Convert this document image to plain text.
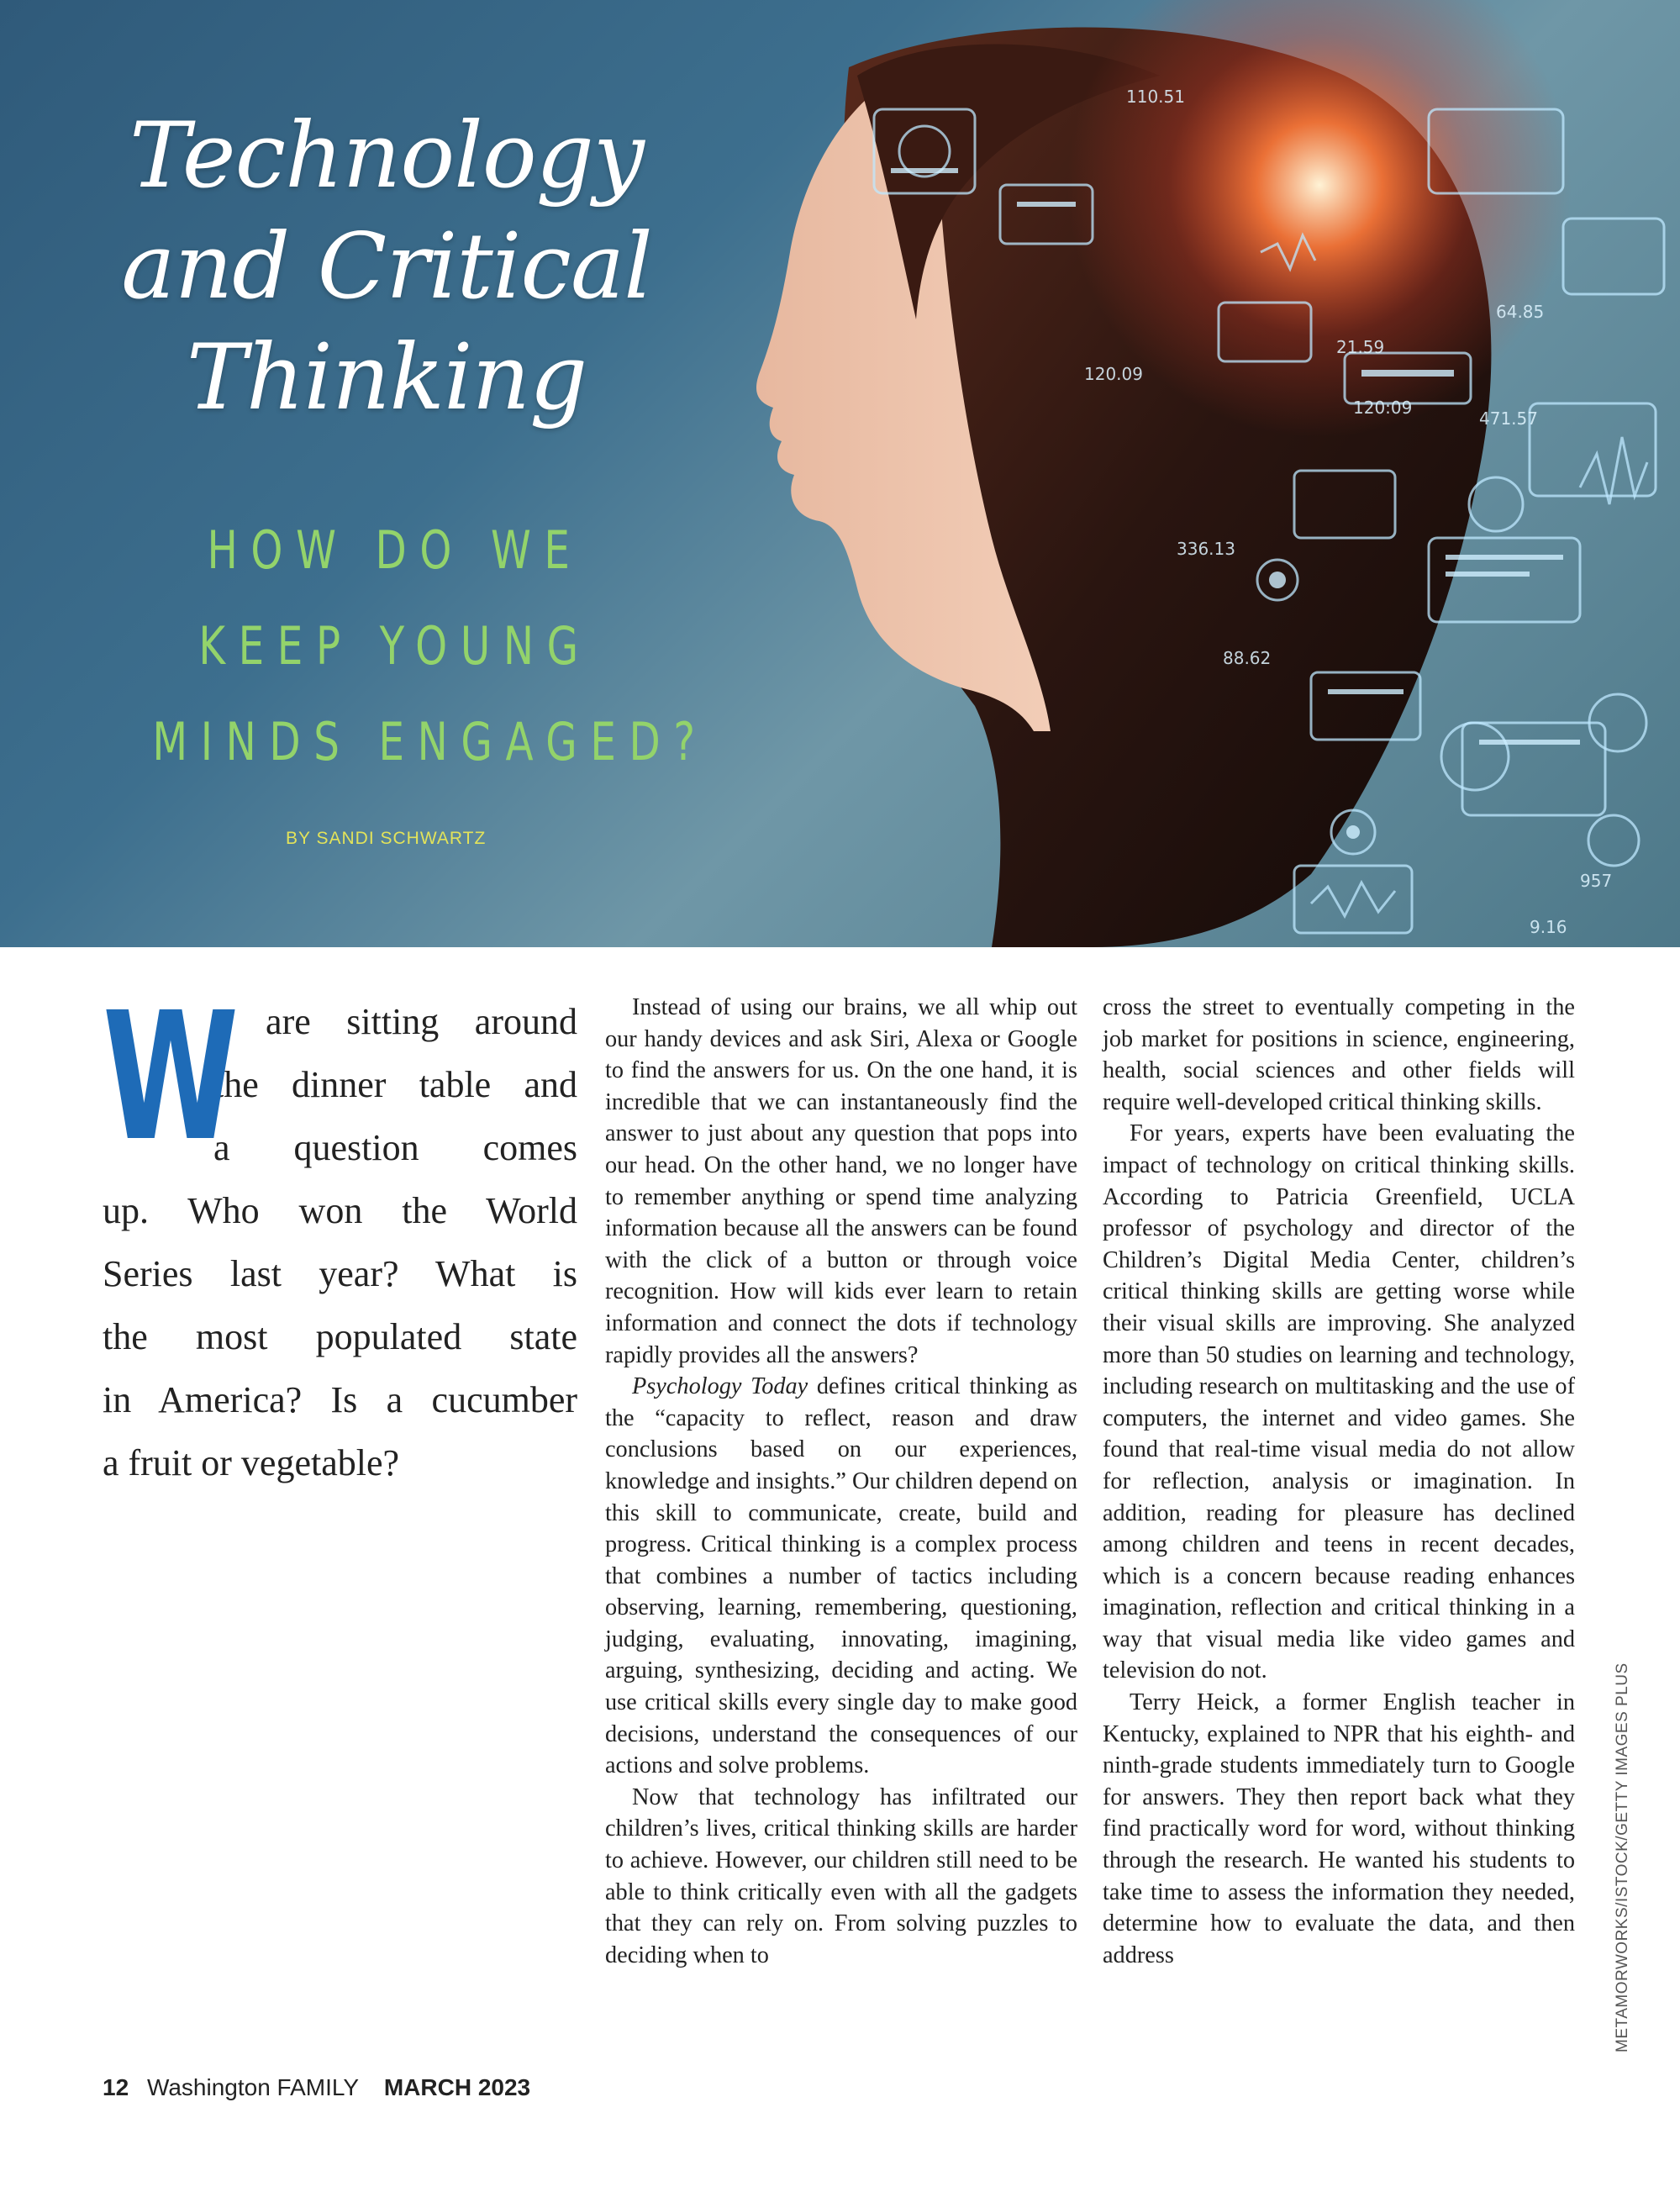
110.51
64.85
21.59
471.57
120:09
120.09
336.13
88.62
957
9.16
Technology
and Critical
Thinking
HOW DO WE
KEEP YOUNG
MINDS ENGAGED?
BY SANDI SCHWARTZ
W
e are sitting around
the dinner table and
a question comes
up. Who won the World
Series last year? What is
the most populated state
in America? Is a cucumber
a fruit or vegetable?

Instead of using our brains, we all whip out our handy devices and ask Siri, Alexa or Google to find the answers for us. On the one hand, it is incredible that we can instantaneously find the answer to just about any question that pops into our head. On the other hand, we no longer have to remember anything or spend time analyzing information because all the answers can be found with the click of a button or through voice recognition. How will kids ever learn to retain information and connect the dots if technology rapidly provides all the answers?

Psychology Today defines critical thinking as the “capacity to reflect, reason and draw conclusions based on our experiences, knowledge and insights.” Our children depend on this skill to communicate, create, build and progress. Critical thinking is a complex process that combines a number of tactics including observing, learning, remembering, questioning, judging, evaluating, innovating, imagining, arguing, synthesizing, deciding and acting. We use critical skills every single day to make good decisions, understand the consequences of our actions and solve problems.

Now that technology has infiltrated our children’s lives, critical thinking skills are harder to achieve. However, our children still need to be able to think critically even with all the gadgets that they can rely on. From solving puzzles to deciding when to

cross the street to eventually competing in the job market for positions in science, engineering, health, social sciences and other fields will require well-developed critical thinking skills.

For years, experts have been evaluating the impact of technology on critical thinking skills. According to Patricia Greenfield, UCLA professor of psychology and director of the Children’s Digital Media Center, children’s critical thinking skills are getting worse while their visual skills are improving. She analyzed more than 50 studies on learning and technology, including research on multitasking and the use of computers, the internet and video games. She found that real-time visual media do not allow for reflection, analysis or imagination. In addition, reading for pleasure has declined among children and teens in recent decades, which is a concern because reading enhances imagination, reflection and critical thinking in a way that visual media like video games and television do not.

Terry Heick, a former English teacher in Kentucky, explained to NPR that his eighth- and ninth-grade students immediately turn to Google for answers. They then report back what they find practically word for word, without thinking through the research. He wanted his students to take time to assess the information they needed, determine how to evaluate the data, and then address	METAMORWORKS/ISTOCK/GETTY IMAGES PLUS
12 Washington FAMILY MARCH 2023
